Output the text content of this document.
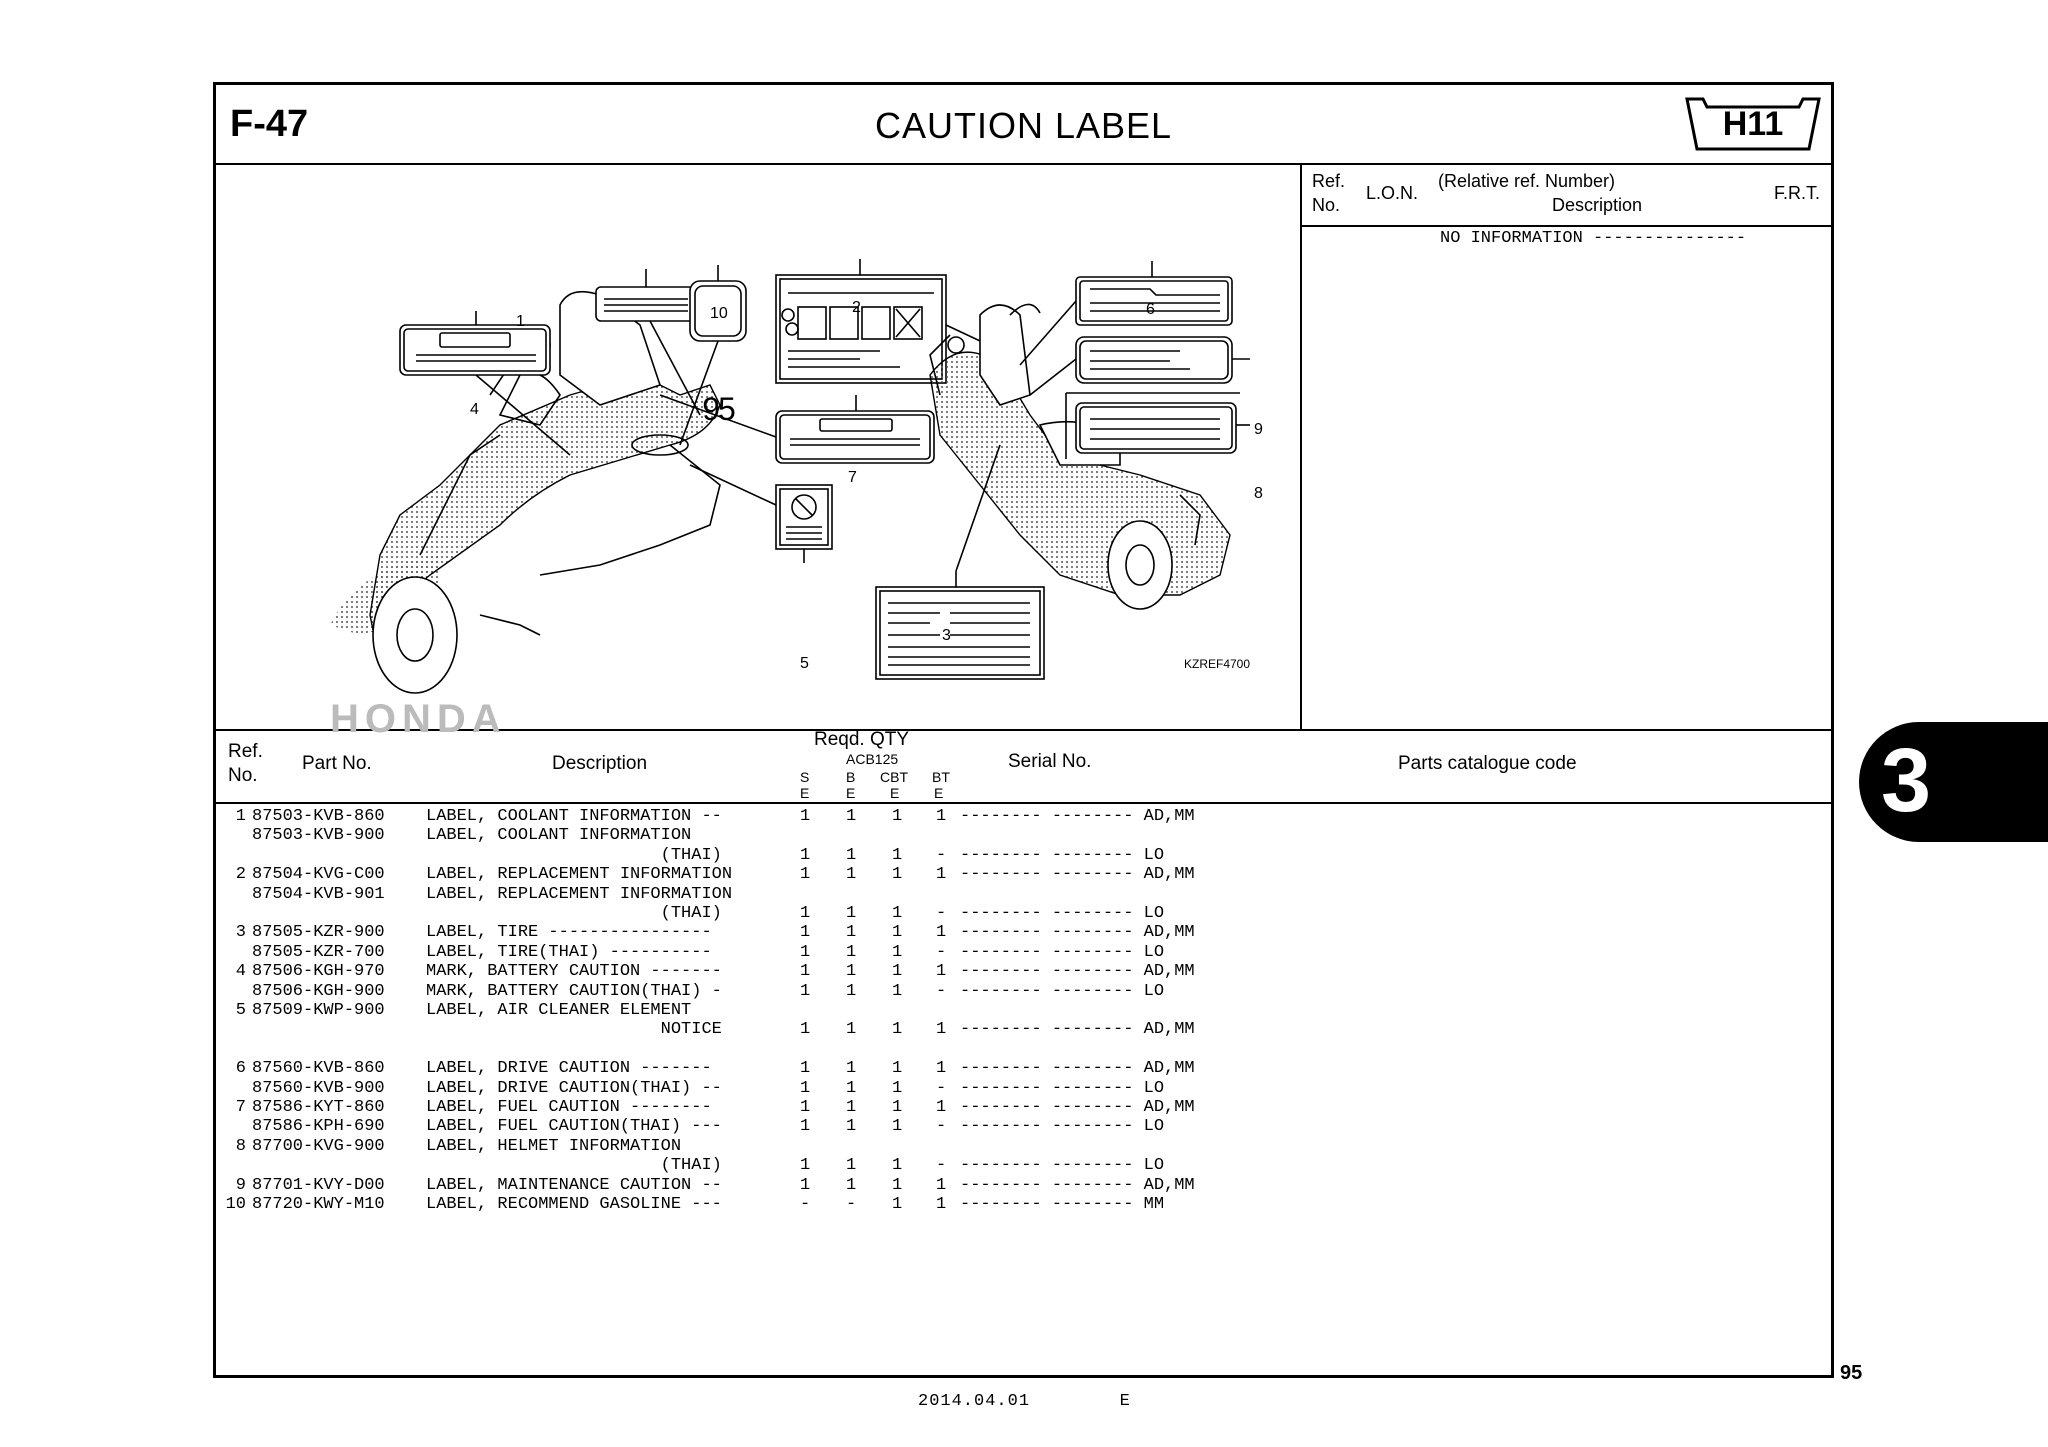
F-47	CAUTION LABEL	H11
Ref.
No.
L.O.N.
(Relative ref. Number)
Description
F.R.T.
NO INFORMATION ---------------
1
2
3
4
5
6
7
8
9
10
95
HONDA
KZREF4700
Ref.
No.
Part No.	Description
Reqd. QTY
ACB125
S	B CBT BT
E	E E E
Serial No.	Parts catalogue code
1 87503-KVB-860 LABEL, COOLANT INFORMATION --	1 1 1 1 -------- -------- AD,MM
87503-KVB-900 LABEL, COOLANT INFORMATION
(THAI)	1 1 1 - -------- -------- LO
2 87504-KVG-C00 LABEL, REPLACEMENT INFORMATION	1 1 1 1 -------- -------- AD,MM
87504-KVB-901 LABEL, REPLACEMENT INFORMATION
(THAI)	1 1 1 - -------- -------- LO
3 87505-KZR-900 LABEL, TIRE ----------------	1 1 1 1 -------- -------- AD,MM
87505-KZR-700 LABEL, TIRE(THAI) ----------	1 1 1 - -------- -------- LO
4 87506-KGH-970 MARK, BATTERY CAUTION -------	1 1 1 1 -------- -------- AD,MM
87506-KGH-900 MARK, BATTERY CAUTION(THAI) -	1 1 1 - -------- -------- LO
5 87509-KWP-900 LABEL, AIR CLEANER ELEMENT
NOTICE	1 1 1 1 -------- -------- AD,MM
6 87560-KVB-860 LABEL, DRIVE CAUTION -------	1 1 1 1 -------- -------- AD,MM
87560-KVB-900 LABEL, DRIVE CAUTION(THAI) --	1 1 1 - -------- -------- LO
7 87586-KYT-860 LABEL, FUEL CAUTION --------	1 1 1 1 -------- -------- AD,MM
87586-KPH-690 LABEL, FUEL CAUTION(THAI) ---	1 1 1 - -------- -------- LO
8 87700-KVG-900 LABEL, HELMET INFORMATION
(THAI)	1 1 1 - -------- -------- LO
9 87701-KVY-D00 LABEL, MAINTENANCE CAUTION --	1 1 1 1 -------- -------- AD,MM
10 87720-KWY-M10 LABEL, RECOMMEND GASOLINE ---	- - 1 1 -------- -------- MM
3
95
2014.04.01	E
